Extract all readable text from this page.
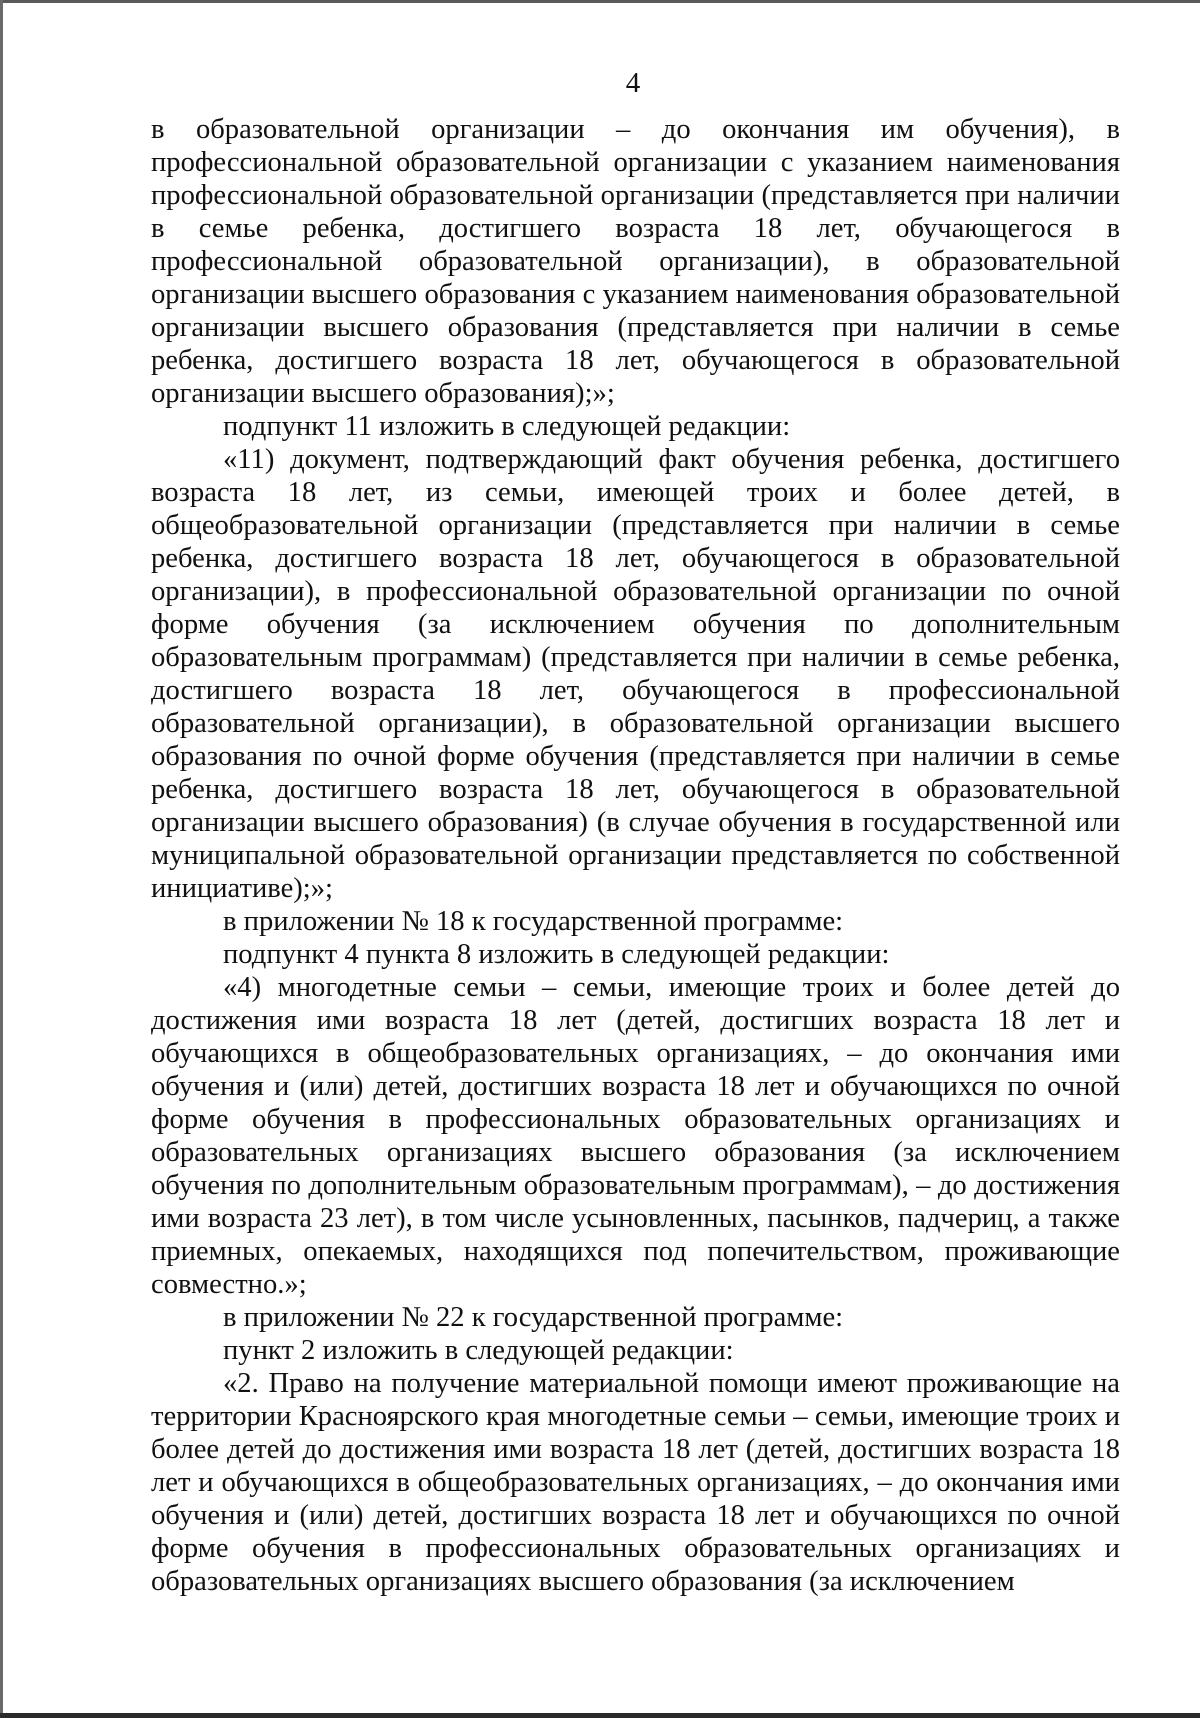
4

в образовательной организации – до окончания им обучения), в профессиональной образовательной организации с указанием наименования профессиональной образовательной организации (представляется при наличии в семье ребенка, достигшего возраста 18 лет, обучающегося в профессиональной образовательной организации), в образовательной организации высшего образования с указанием наименования образовательной организации высшего образования (представляется при наличии в семье ребенка, достигшего возраста 18 лет, обучающегося в образовательной организации высшего образования);»;

подпункт 11 изложить в следующей редакции:

«11) документ, подтверждающий факт обучения ребенка, достигшего возраста 18 лет, из семьи, имеющей троих и более детей, в общеобразовательной организации (представляется при наличии в семье ребенка, достигшего возраста 18 лет, обучающегося в образовательной организации), в профессиональной образовательной организации по очной форме обучения (за исключением обучения по дополнительным образовательным программам) (представляется при наличии в семье ребенка, достигшего возраста 18 лет, обучающегося в профессиональной образовательной организации), в образовательной организации высшего образования по очной форме обучения (представляется при наличии в семье ребенка, достигшего возраста 18 лет, обучающегося в образовательной организации высшего образования) (в случае обучения в государственной или муниципальной образовательной организации представляется по собственной инициативе);»;

в приложении № 18 к государственной программе:

подпункт 4 пункта 8 изложить в следующей редакции:

«4) многодетные семьи – семьи, имеющие троих и более детей до достижения ими возраста 18 лет (детей, достигших возраста 18 лет и обучающихся в общеобразовательных организациях, – до окончания ими обучения и (или) детей, достигших возраста 18 лет и обучающихся по очной форме обучения в профессиональных образовательных организациях и образовательных организациях высшего образования (за исключением обучения по дополнительным образовательным программам), – до достижения ими возраста 23 лет), в том числе усыновленных, пасынков, падчериц, а также приемных, опекаемых, находящихся под попечительством, проживающие совместно.»;

в приложении № 22 к государственной программе:

пункт 2 изложить в следующей редакции:

«2. Право на получение материальной помощи имеют проживающие на территории Красноярского края многодетные семьи – семьи, имеющие троих и более детей до достижения ими возраста 18 лет (детей, достигших возраста 18 лет и обучающихся в общеобразовательных организациях, – до окончания ими обучения и (или) детей, достигших возраста 18 лет и обучающихся по очной форме обучения в профессиональных образовательных организациях и образовательных организациях высшего образования (за исключением
